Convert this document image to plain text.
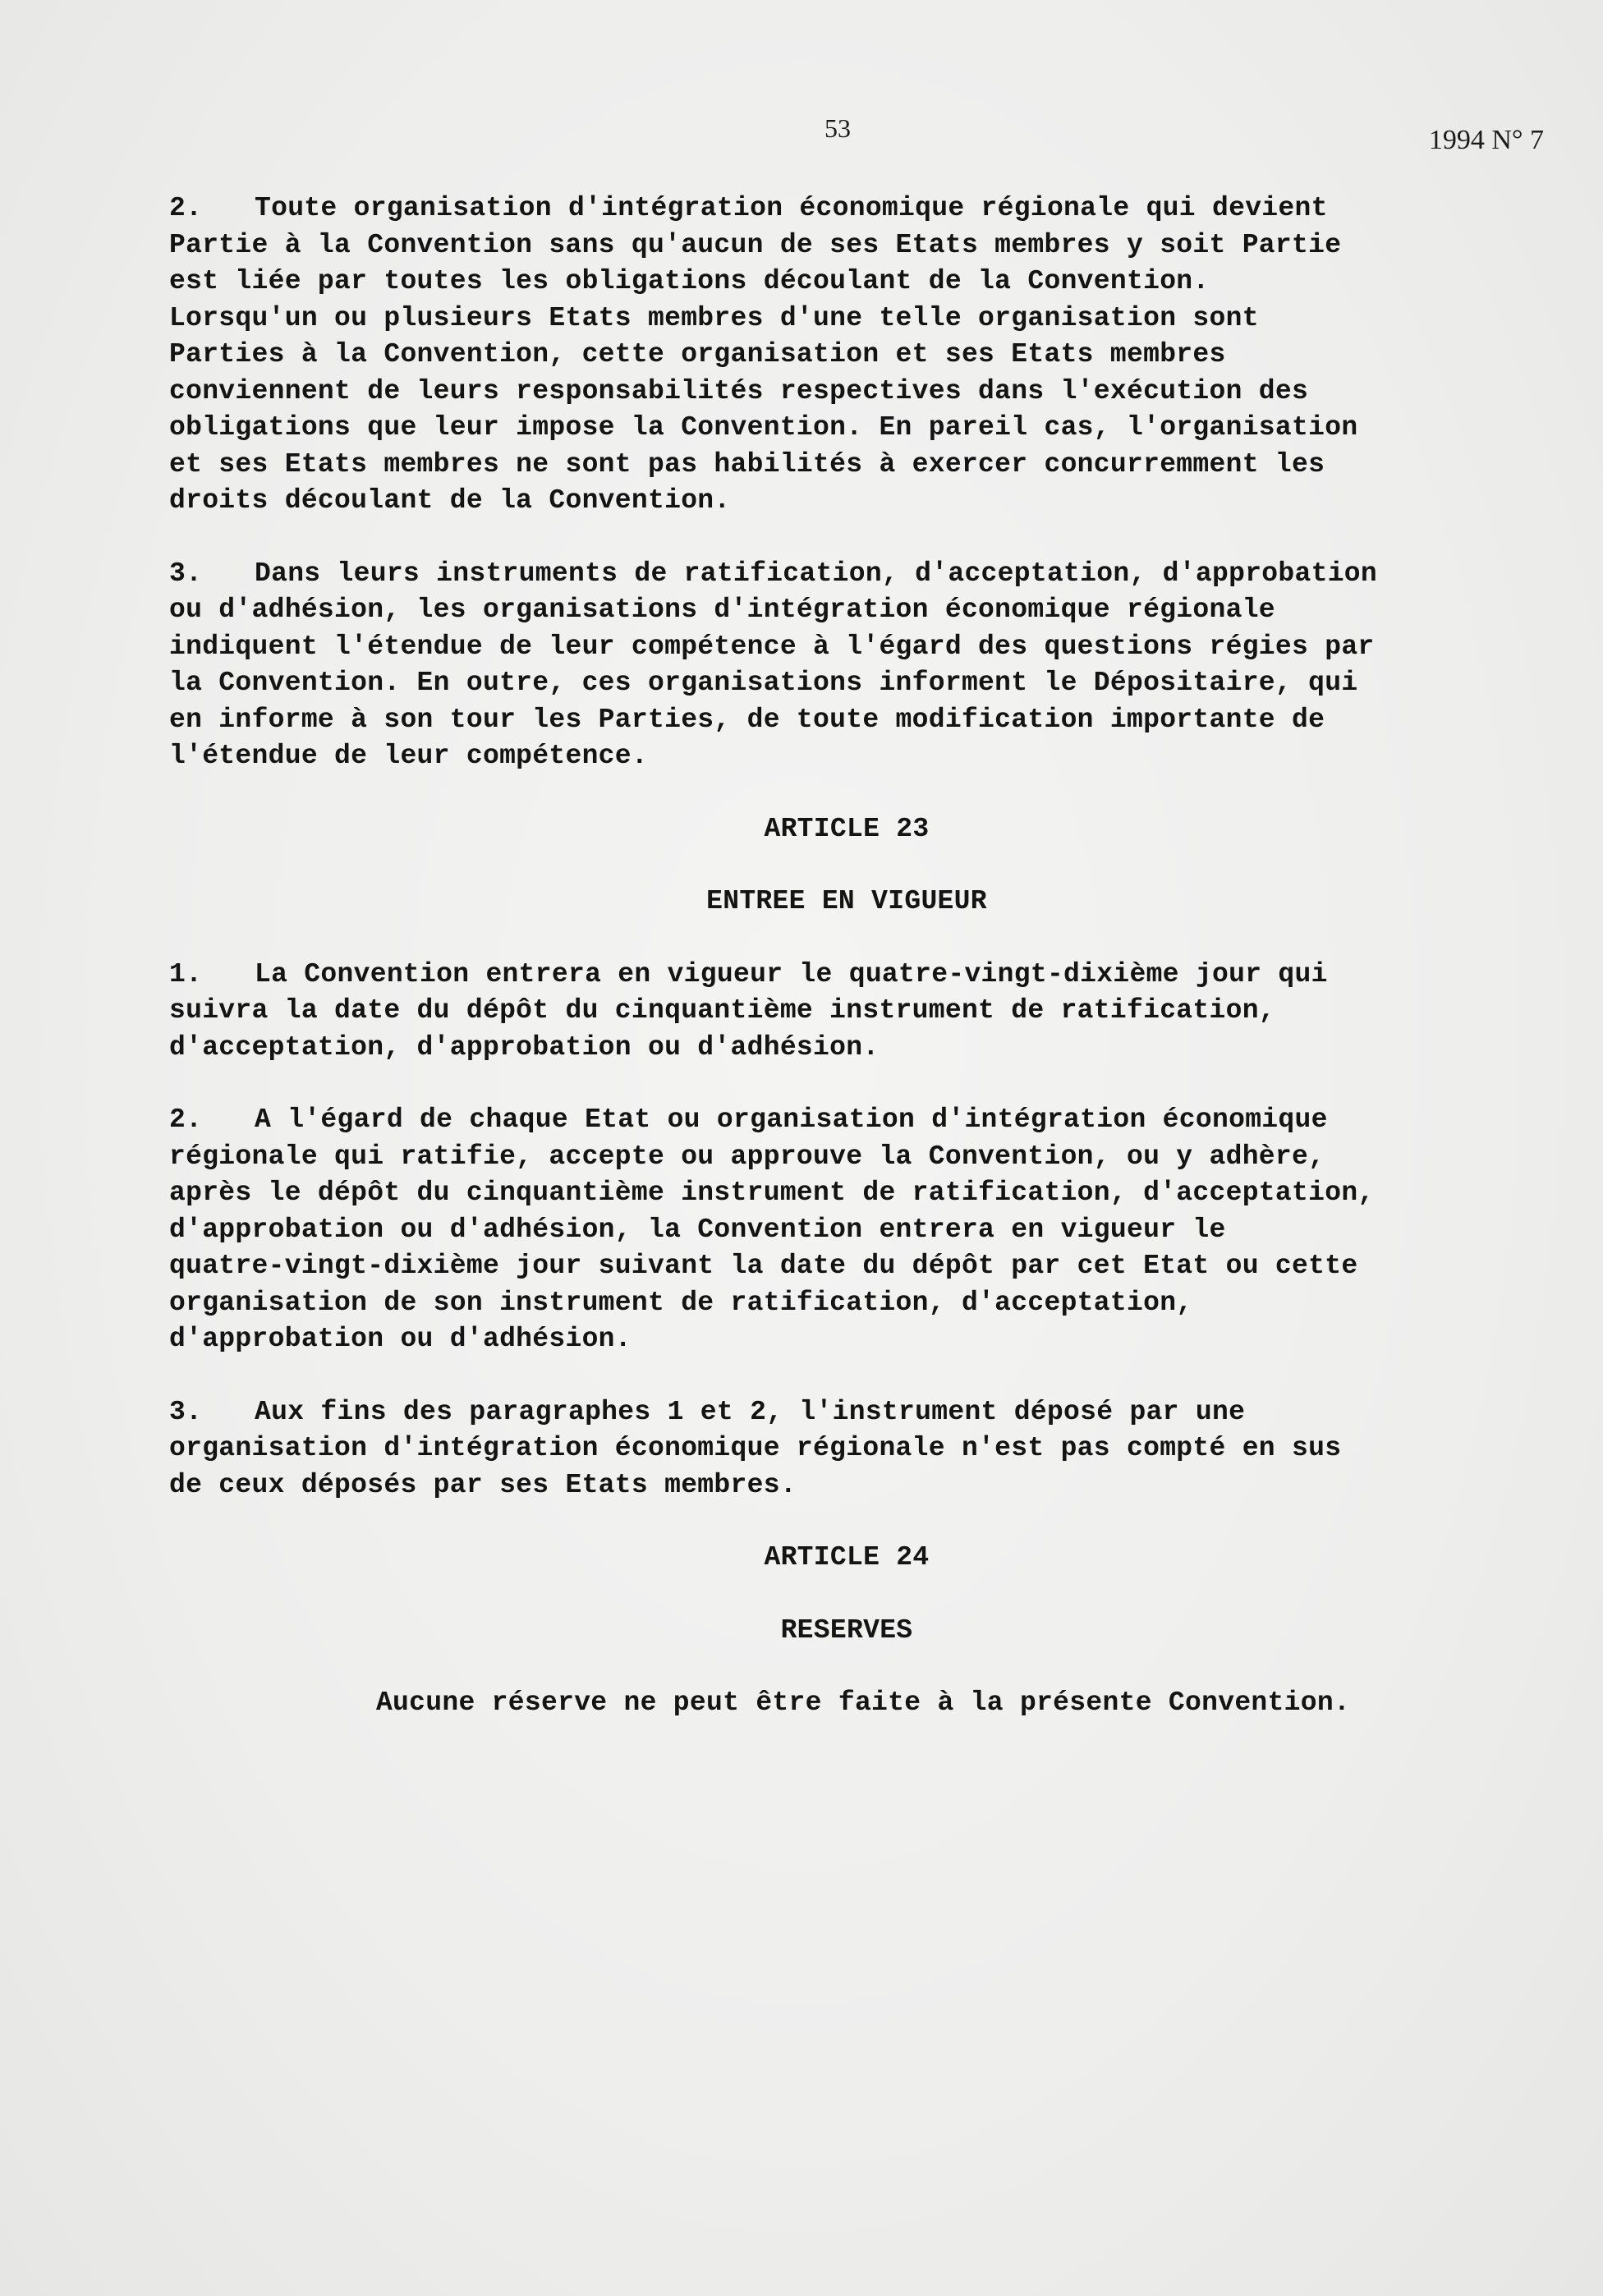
53	1994 N° 7
2. Toute organisation d'intégration économique régionale qui devient
Partie à la Convention sans qu'aucun de ses Etats membres y soit Partie
est liée par toutes les obligations découlant de la Convention.
Lorsqu'un ou plusieurs Etats membres d'une telle organisation sont
Parties à la Convention, cette organisation et ses Etats membres
conviennent de leurs responsabilités respectives dans l'exécution des
obligations que leur impose la Convention. En pareil cas, l'organisation
et ses Etats membres ne sont pas habilités à exercer concurremment les
droits découlant de la Convention.
3. Dans leurs instruments de ratification, d'acceptation, d'approbation
ou d'adhésion, les organisations d'intégration économique régionale
indiquent l'étendue de leur compétence à l'égard des questions régies par
la Convention. En outre, ces organisations informent le Dépositaire, qui
en informe à son tour les Parties, de toute modification importante de
l'étendue de leur compétence.
ARTICLE 23
ENTREE EN VIGUEUR
1. La Convention entrera en vigueur le quatre-vingt-dixième jour qui
suivra la date du dépôt du cinquantième instrument de ratification,
d'acceptation, d'approbation ou d'adhésion.
2. A l'égard de chaque Etat ou organisation d'intégration économique
régionale qui ratifie, accepte ou approuve la Convention, ou y adhère,
après le dépôt du cinquantième instrument de ratification, d'acceptation,
d'approbation ou d'adhésion, la Convention entrera en vigueur le
quatre-vingt-dixième jour suivant la date du dépôt par cet Etat ou cette
organisation de son instrument de ratification, d'acceptation,
d'approbation ou d'adhésion.
3. Aux fins des paragraphes 1 et 2, l'instrument déposé par une
organisation d'intégration économique régionale n'est pas compté en sus
de ceux déposés par ses Etats membres.
ARTICLE 24
RESERVES

Aucune réserve ne peut être faite à la présente Convention.
